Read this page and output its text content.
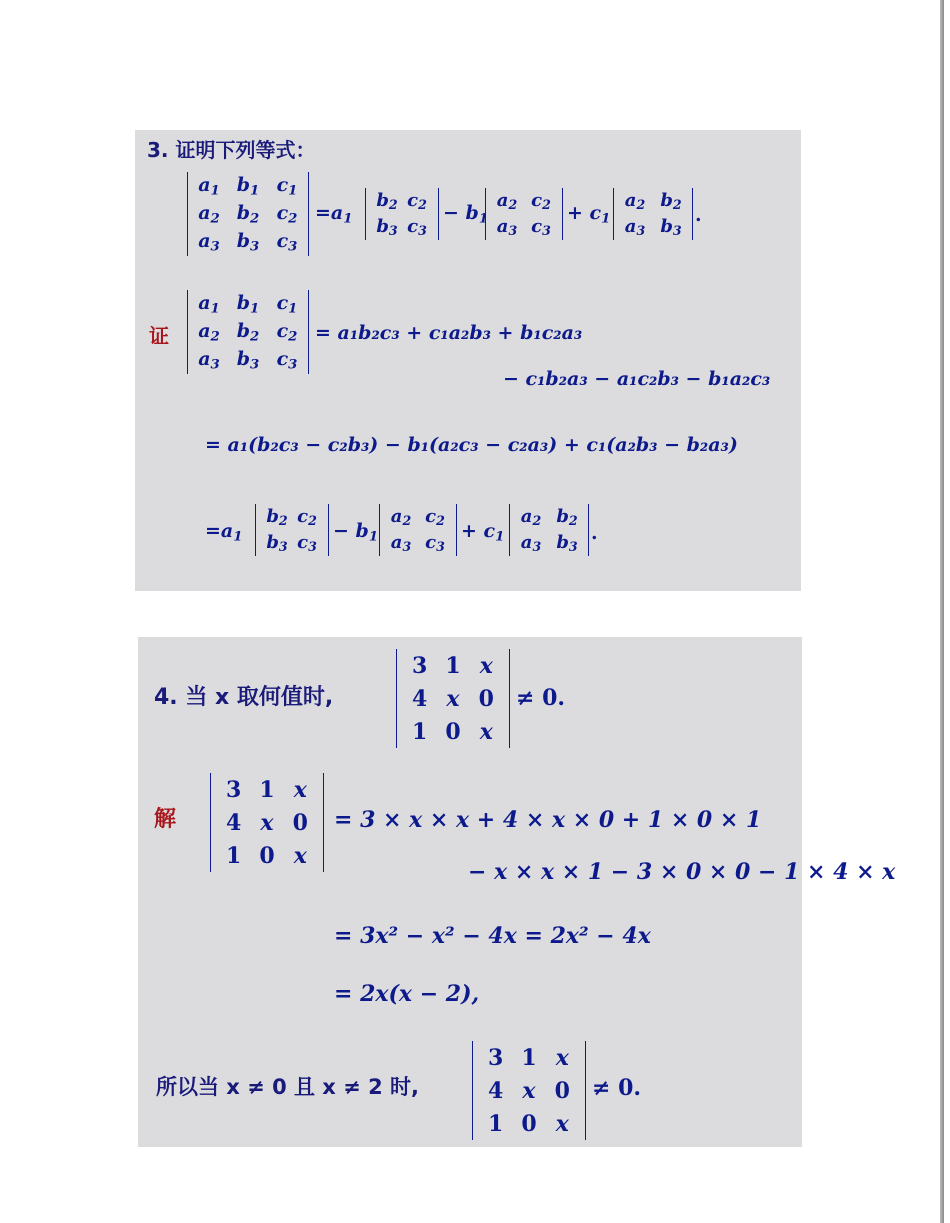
3. 证明下列等式：
$a_1$ $b_1$ $c_1$
$a_2$ $b_2$ $c_2$
$a_3$ $b_3$ $c_3$
$=a_1$
$b_2$ $c_2$
$b_3$ $c_3$
− $b_1$
$a_2$ $c_2$
$a_3$ $c_3$
+ $c_1$
$a_2$ $b_2$
$a_3$ $b_3$
.
证
$a_1$ $b_1$ $c_1$
$a_2$ $b_2$ $c_2$
$a_3$ $b_3$ $c_3$
= a₁b₂c₃ + c₁a₂b₃ + b₁c₂a₃
− c₁b₂a₃ − a₁c₂b₃ − b₁a₂c₃
= a₁(b₂c₃ − c₂b₃) − b₁(a₂c₃ − c₂a₃) + c₁(a₂b₃ − b₂a₃)
$=a_1$
$b_2$ $c_2$
$b_3$ $c_3$
− $b_1$
$a_2$ $c_2$
$a_3$ $c_3$
+ $c_1$
$a_2$ $b_2$
$a_3$ $b_3$
.
4. 当 x 取何值时,
3 1 x
4 x 0
1 0 x
≠ 0.
解
3 1 x
4 x 0
1 0 x
= 3 × x × x + 4 × x × 0 + 1 × 0 × 1
− x × x × 1 − 3 × 0 × 0 − 1 × 4 × x
= 3x² − x² − 4x = 2x² − 4x
= 2x(x − 2),
所以当 x ≠ 0 且 x ≠ 2 时,
3 1 x
4 x 0
1 0 x
≠ 0.
